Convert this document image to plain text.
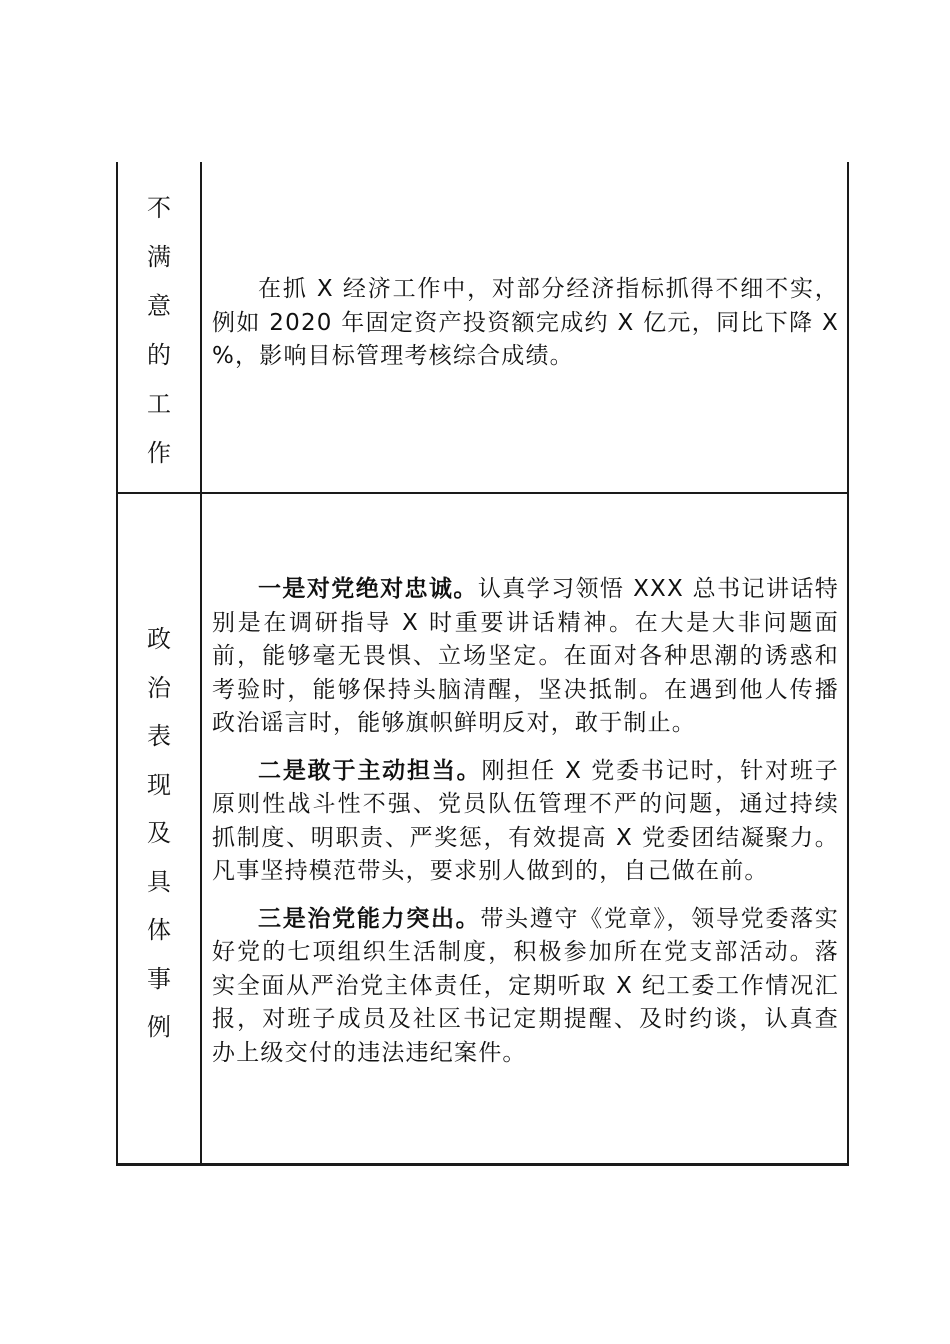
不
满
意
的
工
作

在抓 X 经济工作中，对部分经济指标抓得不细不实，例如 2020 年固定资产投资额完成约 X 亿元，同比下降 X %，影响目标管理考核综合成绩。

政
治
表
现
及
具
体
事
例

一是对党绝对忠诚。认真学习领悟 XXX 总书记讲话特别是在调研指导 X 时重要讲话精神。在大是大非问题面前，能够毫无畏惧、立场坚定。在面对各种思潮的诱惑和考验时，能够保持头脑清醒，坚决抵制。在遇到他人传播政治谣言时，能够旗帜鲜明反对，敢于制止。

二是敢于主动担当。刚担任 X 党委书记时，针对班子原则性战斗性不强、党员队伍管理不严的问题，通过持续抓制度、明职责、严奖惩，有效提高 X 党委团结凝聚力。凡事坚持模范带头，要求别人做到的，自己做在前。

三是治党能力突出。带头遵守《党章》，领导党委落实好党的七项组织生活制度，积极参加所在党支部活动。落实全面从严治党主体责任，定期听取 X 纪工委工作情况汇报，对班子成员及社区书记定期提醒、及时约谈，认真查办上级交付的违法违纪案件。
